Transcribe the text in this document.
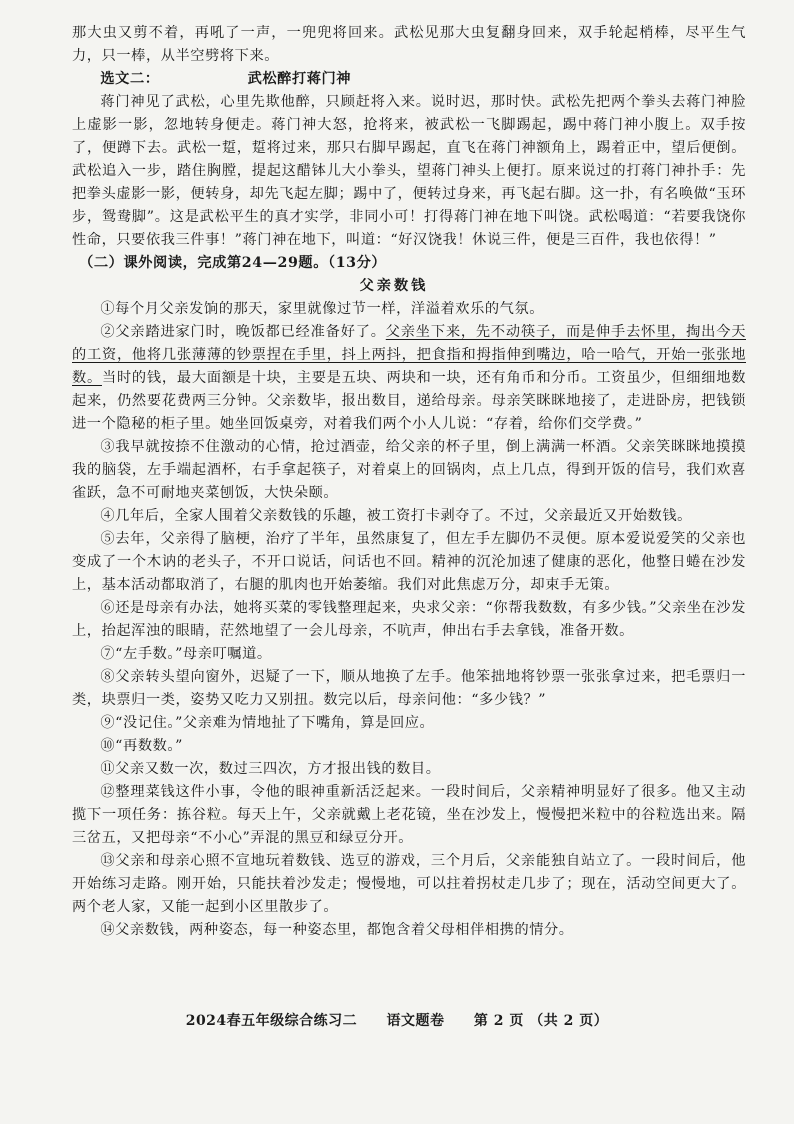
那大虫又剪不着，再吼了一声，一兜兜将回来。武松见那大虫复翻身回来，双手轮起梢棒，尽平生气力，只一棒，从半空劈将下来。

选文二：	武松醉打蒋门神

蒋门神见了武松，心里先欺他醉，只顾赶将入来。说时迟，那时快。武松先把两个拳头去蒋门神脸上虚影一影，忽地转身便走。蒋门神大怒，抢将来，被武松一飞脚踢起，踢中蒋门神小腹上。双手按了，便蹲下去。武松一踅，踅将过来，那只右脚早踢起，直飞在蒋门神额角上，踢着正中，望后便倒。武松追入一步，踏住胸膛，提起这醋钵儿大小拳头，望蒋门神头上便打。原来说过的打蒋门神扑手：先把拳头虚影一影，便转身，却先飞起左脚；踢中了，便转过身来，再飞起右脚。这一扑，有名唤做“玉环步，鸳鸯脚”。这是武松平生的真才实学，非同小可！打得蒋门神在地下叫饶。武松喝道：“若要我饶你性命，只要依我三件事！”蒋门神在地下，叫道：“好汉饶我！休说三件，便是三百件，我也依得！”

（二）课外阅读，完成第24—29题。（13分）

父亲数钱

①每个月父亲发饷的那天，家里就像过节一样，洋溢着欢乐的气氛。

②父亲踏进家门时，晚饭都已经准备好了。父亲坐下来，先不动筷子，而是伸手去怀里，掏出今天的工资，他将几张薄薄的钞票捏在手里，抖上两抖，把食指和拇指伸到嘴边，哈一哈气，开始一张张地数。当时的钱，最大面额是十块，主要是五块、两块和一块，还有角币和分币。工资虽少，但细细地数起来，仍然要花费两三分钟。父亲数毕，报出数目，递给母亲。母亲笑眯眯地接了，走进卧房，把钱锁进一个隐秘的柜子里。她坐回饭桌旁，对着我们两个小人儿说：“存着，给你们交学费。”

③我早就按捺不住激动的心情，抢过酒壶，给父亲的杯子里，倒上满满一杯酒。父亲笑眯眯地摸摸我的脑袋，左手端起酒杯，右手拿起筷子，对着桌上的回锅肉，点上几点，得到开饭的信号，我们欢喜雀跃，急不可耐地夹菜刨饭，大快朵颐。

④几年后，全家人围着父亲数钱的乐趣，被工资打卡剥夺了。不过，父亲最近又开始数钱。

⑤去年，父亲得了脑梗，治疗了半年，虽然康复了，但左手左脚仍不灵便。原本爱说爱笑的父亲也变成了一个木讷的老头子，不开口说话，问话也不回。精神的沉沦加速了健康的恶化，他整日蜷在沙发上，基本活动都取消了，右腿的肌肉也开始萎缩。我们对此焦虑万分，却束手无策。

⑥还是母亲有办法，她将买菜的零钱整理起来，央求父亲：“你帮我数数，有多少钱。”父亲坐在沙发上，抬起浑浊的眼睛，茫然地望了一会儿母亲，不吭声，伸出右手去拿钱，准备开数。

⑦“左手数。”母亲叮嘱道。

⑧父亲转头望向窗外，迟疑了一下，顺从地换了左手。他笨拙地将钞票一张张拿过来，把毛票归一类，块票归一类，姿势又吃力又别扭。数完以后，母亲问他：“多少钱？”

⑨“没记住。”父亲难为情地扯了下嘴角，算是回应。

⑩“再数数。”

⑪父亲又数一次，数过三四次，方才报出钱的数目。

⑫整理菜钱这件小事，令他的眼神重新活泛起来。一段时间后，父亲精神明显好了很多。他又主动揽下一项任务：拣谷粒。每天上午，父亲就戴上老花镜，坐在沙发上，慢慢把米粒中的谷粒选出来。隔三岔五，又把母亲“不小心”弄混的黑豆和绿豆分开。

⑬父亲和母亲心照不宣地玩着数钱、选豆的游戏，三个月后，父亲能独自站立了。一段时间后，他开始练习走路。刚开始，只能扶着沙发走；慢慢地，可以拄着拐杖走几步了；现在，活动空间更大了。两个老人家，又能一起到小区里散步了。

⑭父亲数钱，两种姿态，每一种姿态里，都饱含着父母相伴相携的情分。

2024春五年级综合练习二 语文题卷 第 2 页 （共 2 页）
